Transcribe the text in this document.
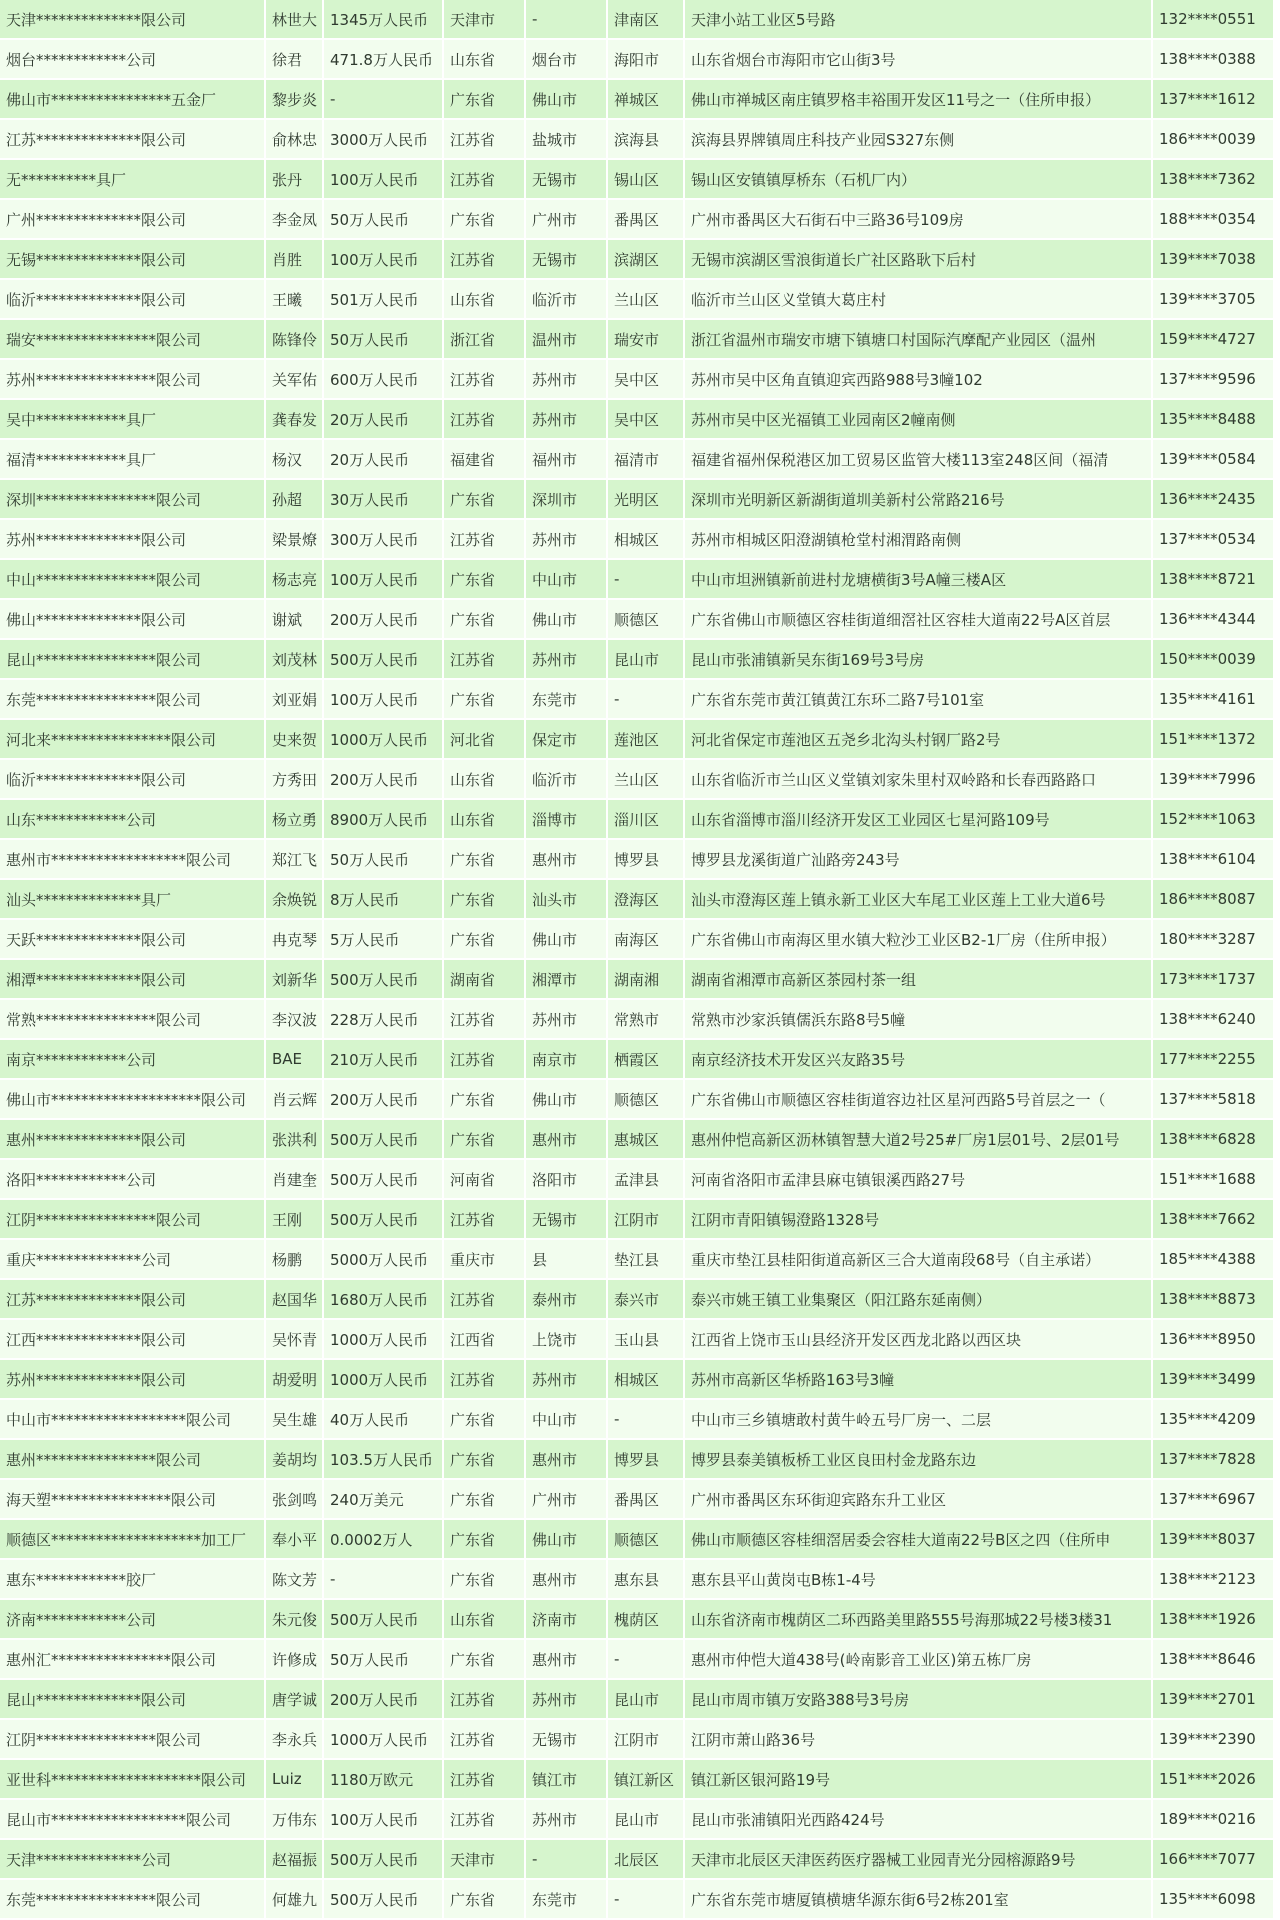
天津**************限公司	林世大	1345万人民币	天津市	-	津南区	天津小站工业区5号路	132****0551
烟台************公司	徐君	471.8万人民币	山东省	烟台市	海阳市	山东省烟台市海阳市它山街3号	138****0388
佛山市****************五金厂	黎步炎	-	广东省	佛山市	禅城区	佛山市禅城区南庄镇罗格丰裕围开发区11号之一（住所申报）	137****1612
江苏**************限公司	俞林忠	3000万人民币	江苏省	盐城市	滨海县	滨海县界牌镇周庄科技产业园S327东侧	186****0039
无**********具厂	张丹	100万人民币	江苏省	无锡市	锡山区	锡山区安镇镇厚桥东（石机厂内）	138****7362
广州**************限公司	李金凤	50万人民币	广东省	广州市	番禺区	广州市番禺区大石街石中三路36号109房	188****0354
无锡**************限公司	肖胜	100万人民币	江苏省	无锡市	滨湖区	无锡市滨湖区雪浪街道长广社区路耿下后村	139****7038
临沂**************限公司	王曦	501万人民币	山东省	临沂市	兰山区	临沂市兰山区义堂镇大葛庄村	139****3705
瑞安****************限公司	陈锋伶	50万人民币	浙江省	温州市	瑞安市	浙江省温州市瑞安市塘下镇塘口村国际汽摩配产业园区（温州	159****4727
苏州****************限公司	关军佑	600万人民币	江苏省	苏州市	吴中区	苏州市吴中区角直镇迎宾西路988号3幢102	137****9596
吴中************具厂	龚春发	20万人民币	江苏省	苏州市	吴中区	苏州市吴中区光福镇工业园南区2幢南侧	135****8488
福清************具厂	杨汉	20万人民币	福建省	福州市	福清市	福建省福州保税港区加工贸易区监管大楼113室248区间（福清	139****0584
深圳****************限公司	孙超	30万人民币	广东省	深圳市	光明区	深圳市光明新区新湖街道圳美新村公常路216号	136****2435
苏州**************限公司	梁景燎	300万人民币	江苏省	苏州市	相城区	苏州市相城区阳澄湖镇枪堂村湘渭路南侧	137****0534
中山****************限公司	杨志亮	100万人民币	广东省	中山市	-	中山市坦洲镇新前进村龙塘横街3号A幢三楼A区	138****8721
佛山**************限公司	谢斌	200万人民币	广东省	佛山市	顺德区	广东省佛山市顺德区容桂街道细滘社区容桂大道南22号A区首层	136****4344
昆山****************限公司	刘茂林	500万人民币	江苏省	苏州市	昆山市	昆山市张浦镇新吴东街169号3号房	150****0039
东莞****************限公司	刘亚娟	100万人民币	广东省	东莞市	-	广东省东莞市黄江镇黄江东环二路7号101室	135****4161
河北来****************限公司	史来贺	1000万人民币	河北省	保定市	莲池区	河北省保定市莲池区五尧乡北沟头村钢厂路2号	151****1372
临沂**************限公司	方秀田	200万人民币	山东省	临沂市	兰山区	山东省临沂市兰山区义堂镇刘家朱里村双岭路和长春西路路口	139****7996
山东************公司	杨立勇	8900万人民币	山东省	淄博市	淄川区	山东省淄博市淄川经济开发区工业园区七星河路109号	152****1063
惠州市******************限公司	郑江飞	50万人民币	广东省	惠州市	博罗县	博罗县龙溪街道广汕路旁243号	138****6104
汕头**************具厂	余焕锐	8万人民币	广东省	汕头市	澄海区	汕头市澄海区莲上镇永新工业区大车尾工业区莲上工业大道6号	186****8087
天跃**************限公司	冉克琴	5万人民币	广东省	佛山市	南海区	广东省佛山市南海区里水镇大粒沙工业区B2-1厂房（住所申报）	180****3287
湘潭**************限公司	刘新华	500万人民币	湖南省	湘潭市	湖南湘	湖南省湘潭市高新区茶园村茶一组	173****1737
常熟****************限公司	李汉波	228万人民币	江苏省	苏州市	常熟市	常熟市沙家浜镇儒浜东路8号5幢	138****6240
南京************公司	BAE	210万人民币	江苏省	南京市	栖霞区	南京经济技术开发区兴友路35号	177****2255
佛山市********************限公司	肖云辉	200万人民币	广东省	佛山市	顺德区	广东省佛山市顺德区容桂街道容边社区星河西路5号首层之一（	137****5818
惠州**************限公司	张洪利	500万人民币	广东省	惠州市	惠城区	惠州仲恺高新区沥林镇智慧大道2号25#厂房1层01号、2层01号	138****6828
洛阳************公司	肖建奎	500万人民币	河南省	洛阳市	孟津县	河南省洛阳市孟津县麻屯镇银溪西路27号	151****1688
江阴****************限公司	王刚	500万人民币	江苏省	无锡市	江阴市	江阴市青阳镇锡澄路1328号	138****7662
重庆**************公司	杨鹏	5000万人民币	重庆市	县	垫江县	重庆市垫江县桂阳街道高新区三合大道南段68号（自主承诺）	185****4388
江苏**************限公司	赵国华	1680万人民币	江苏省	泰州市	泰兴市	泰兴市姚王镇工业集聚区（阳江路东延南侧）	138****8873
江西**************限公司	吴怀青	1000万人民币	江西省	上饶市	玉山县	江西省上饶市玉山县经济开发区西龙北路以西区块	136****8950
苏州**************限公司	胡爱明	1000万人民币	江苏省	苏州市	相城区	苏州市高新区华桥路163号3幢	139****3499
中山市******************限公司	吴生雄	40万人民币	广东省	中山市	-	中山市三乡镇塘敢村黄牛岭五号厂房一、二层	135****4209
惠州****************限公司	姜胡均	103.5万人民币	广东省	惠州市	博罗县	博罗县泰美镇板桥工业区良田村金龙路东边	137****7828
海天塑****************限公司	张剑鸣	240万美元	广东省	广州市	番禺区	广州市番禺区东环街迎宾路东升工业区	137****6967
顺德区********************加工厂	奉小平	0.0002万人	广东省	佛山市	顺德区	佛山市顺德区容桂细滘居委会容桂大道南22号B区之四（住所申	139****8037
惠东************胶厂	陈文芳	-	广东省	惠州市	惠东县	惠东县平山黄岗屯B栋1-4号	138****2123
济南************公司	朱元俊	500万人民币	山东省	济南市	槐荫区	山东省济南市槐荫区二环西路美里路555号海那城22号楼3楼31	138****1926
惠州汇****************限公司	许修成	50万人民币	广东省	惠州市	-	惠州市仲恺大道438号(岭南影音工业区)第五栋厂房	138****8646
昆山**************限公司	唐学诚	200万人民币	江苏省	苏州市	昆山市	昆山市周市镇万安路388号3号房	139****2701
江阴****************限公司	李永兵	1000万人民币	江苏省	无锡市	江阴市	江阴市萧山路36号	139****2390
亚世科********************限公司	Luiz	1180万欧元	江苏省	镇江市	镇江新区	镇江新区银河路19号	151****2026
昆山市******************限公司	万伟东	100万人民币	江苏省	苏州市	昆山市	昆山市张浦镇阳光西路424号	189****0216
天津**************公司	赵福振	500万人民币	天津市	-	北辰区	天津市北辰区天津医药医疗器械工业园青光分园榕源路9号	166****7077
东莞****************限公司	何雄九	500万人民币	广东省	东莞市	-	广东省东莞市塘厦镇横塘华源东街6号2栋201室	135****6098
